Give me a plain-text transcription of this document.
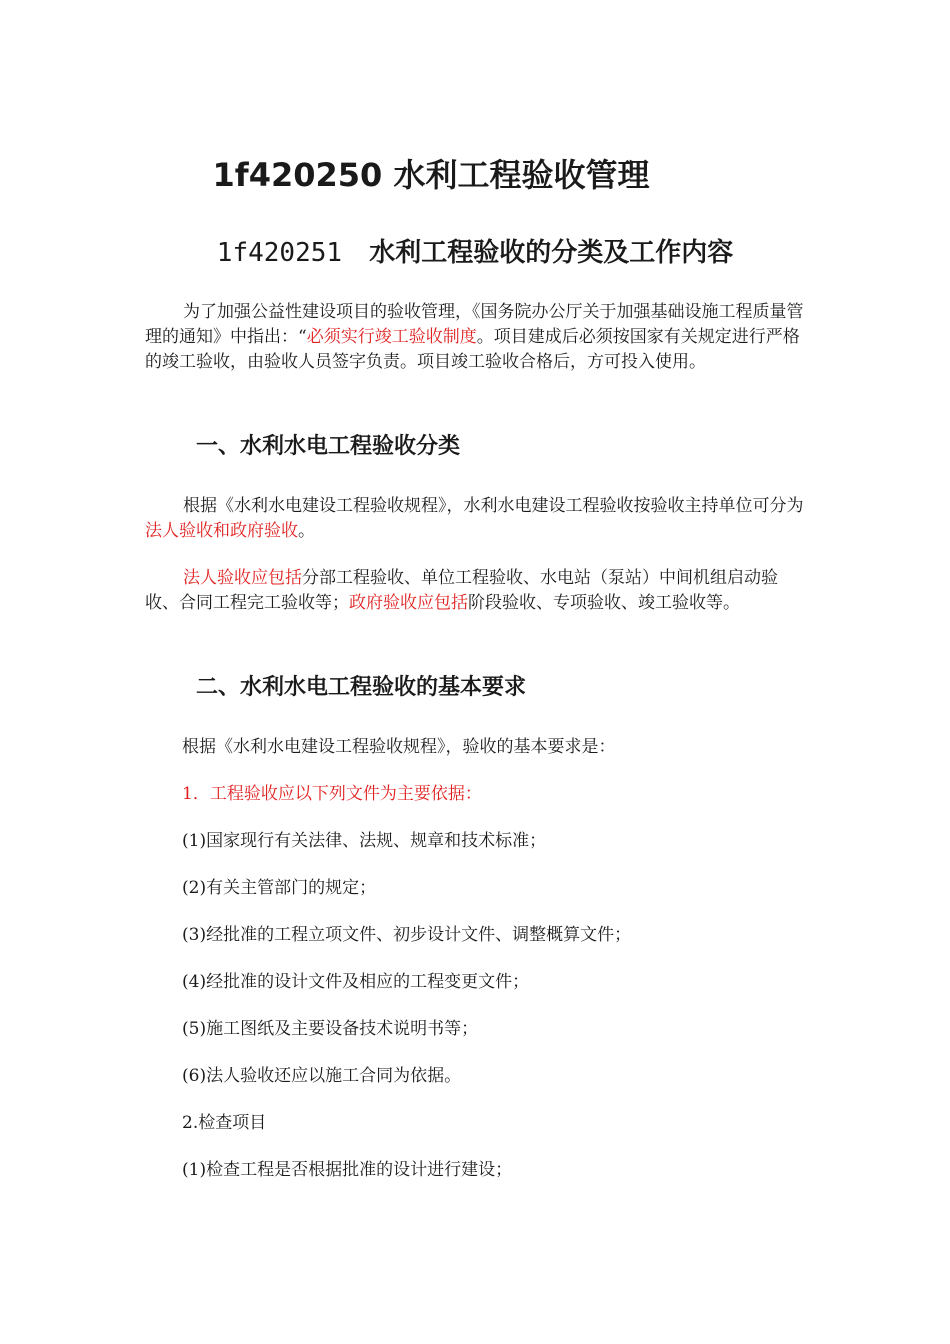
1f420250 水利工程验收管理
1f420251 水利工程验收的分类及工作内容

为了加强公益性建设项目的验收管理，《国务院办公厅关于加强基础设施工程质量管理的通知》中指出：“必须实行竣工验收制度。项目建成后必须按国家有关规定进行严格的竣工验收，由验收人员签字负责。项目竣工验收合格后，方可投入使用。

一、水利水电工程验收分类

根据《水利水电建设工程验收规程》，水利水电建设工程验收按验收主持单位可分为法人验收和政府验收。

法人验收应包括分部工程验收、单位工程验收、水电站（泵站）中间机组启动验收、合同工程完工验收等；政府验收应包括阶段验收、专项验收、竣工验收等。

二、水利水电工程验收的基本要求

根据《水利水电建设工程验收规程》，验收的基本要求是：

1．工程验收应以下列文件为主要依据：

(1)国家现行有关法律、法规、规章和技术标准；

(2)有关主管部门的规定；

(3)经批准的工程立项文件、初步设计文件、调整概算文件；

(4)经批准的设计文件及相应的工程变更文件；

(5)施工图纸及主要设备技术说明书等；

(6)法人验收还应以施工合同为依据。

2.检查项目

(1)检查工程是否根据批准的设计进行建设；
